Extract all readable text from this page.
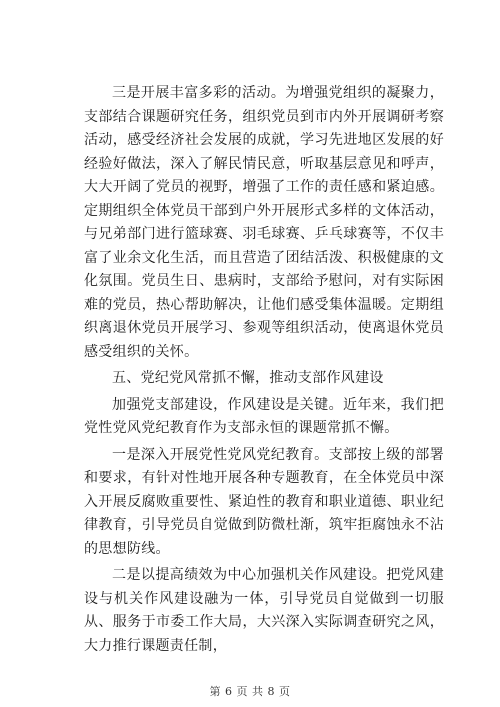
三是开展丰富多彩的活动。为增强党组织的凝聚力，支部结合课题研究任务，组织党员到市内外开展调研考察活动，感受经济社会发展的成就，学习先进地区发展的好经验好做法，深入了解民情民意，听取基层意见和呼声，大大开阔了党员的视野，增强了工作的责任感和紧迫感。定期组织全体党员干部到户外开展形式多样的文体活动，与兄弟部门进行篮球赛、羽毛球赛、乒乓球赛等，不仅丰富了业余文化生活，而且营造了团结活泼、积极健康的文化氛围。党员生日、患病时，支部给予慰问，对有实际困难的党员，热心帮助解决，让他们感受集体温暖。定期组织离退休党员开展学习、参观等组织活动，使离退休党员感受组织的关怀。

五、党纪党风常抓不懈，推动支部作风建设

加强党支部建设，作风建设是关键。近年来，我们把党性党风党纪教育作为支部永恒的课题常抓不懈。

一是深入开展党性党风党纪教育。支部按上级的部署和要求，有针对性地开展各种专题教育，在全体党员中深入开展反腐败重要性、紧迫性的教育和职业道德、职业纪律教育，引导党员自觉做到防微杜渐，筑牢拒腐蚀永不沾的思想防线。

二是以提高绩效为中心加强机关作风建设。把党风建设与机关作风建设融为一体，引导党员自觉做到一切服从、服务于市委工作大局，大兴深入实际调查研究之风，大力推行课题责任制，

第 6 页 共 8 页
